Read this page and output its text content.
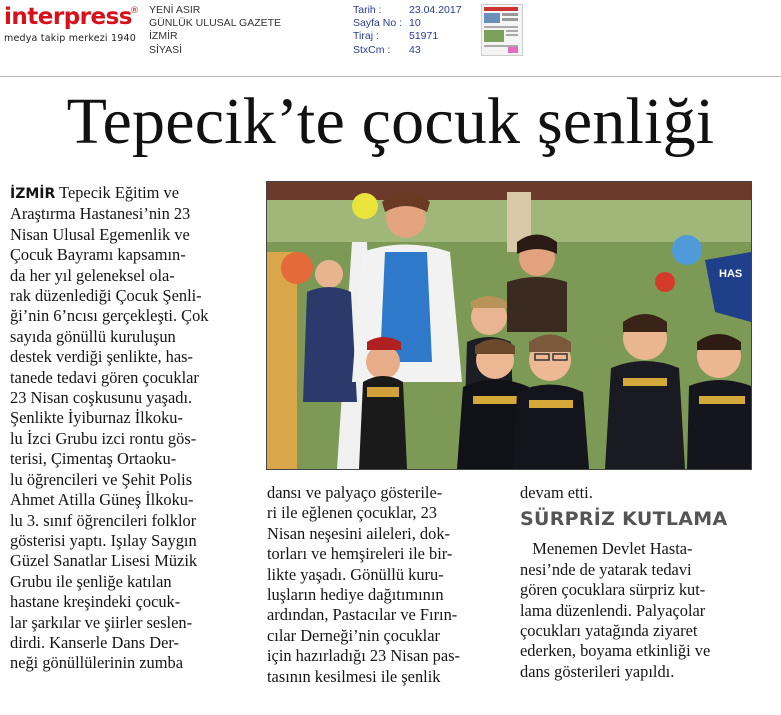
interpress
®
medya takip merkezi 1940
YENİ ASIR
GÜNLÜK ULUSAL GAZETE
İZMİR
SİYASİ
Tarih :	23.04.2017
Sayfa No : 10
Tiraj :	51971
StxCm :	43
Tepecik’te çocuk şenliği
İZMİR Tepecik Eğitim ve
Araştırma Hastanesi’nin 23
Nisan Ulusal Egemenlik ve
Çocuk Bayramı kapsamın-
da her yıl geleneksel ola-
rak düzenlediği Çocuk Şenli-
ği’nin 6’ncısı gerçekleşti. Çok
sayıda gönüllü kuruluşun
destek verdiği şenlikte, has-
tanede tedavi gören çocuklar
23 Nisan coşkusunu yaşadı.
Şenlikte İyiburnaz İlkoku-
lu İzci Grubu izci rontu gös-
terisi, Çimentaş Ortaoku-
lu öğrencileri ve Şehit Polis
Ahmet Atilla Güneş İlkoku-
lu 3. sınıf öğrencileri folklor
gösterisi yaptı. Işılay Saygın
Güzel Sanatlar Lisesi Müzik
Grubu ile şenliğe katılan
hastane kreşindeki çocuk-
lar şarkılar ve şiirler seslen-
dirdi. Kanserle Dans Der-
neği gönüllülerinin zumba
HAS
dansı ve palyaço gösterile-
ri ile eğlenen çocuklar, 23
Nisan neşesini aileleri, dok-
torları ve hemşireleri ile bir-
likte yaşadı. Gönüllü kuru-
luşların hediye dağıtımının
ardından, Pastacılar ve Fırın-
cılar Derneği’nin çocuklar
için hazırladığı 23 Nisan pas-
tasının kesilmesi ile şenlik
devam etti.
SÜRPRİZ KUTLAMA
Menemen Devlet Hasta-
nesi’nde de yatarak tedavi
gören çocuklara sürpriz kut-
lama düzenlendi. Palyaçolar
çocukları yatağında ziyaret
ederken, boyama etkinliği ve
dans gösterileri yapıldı.
